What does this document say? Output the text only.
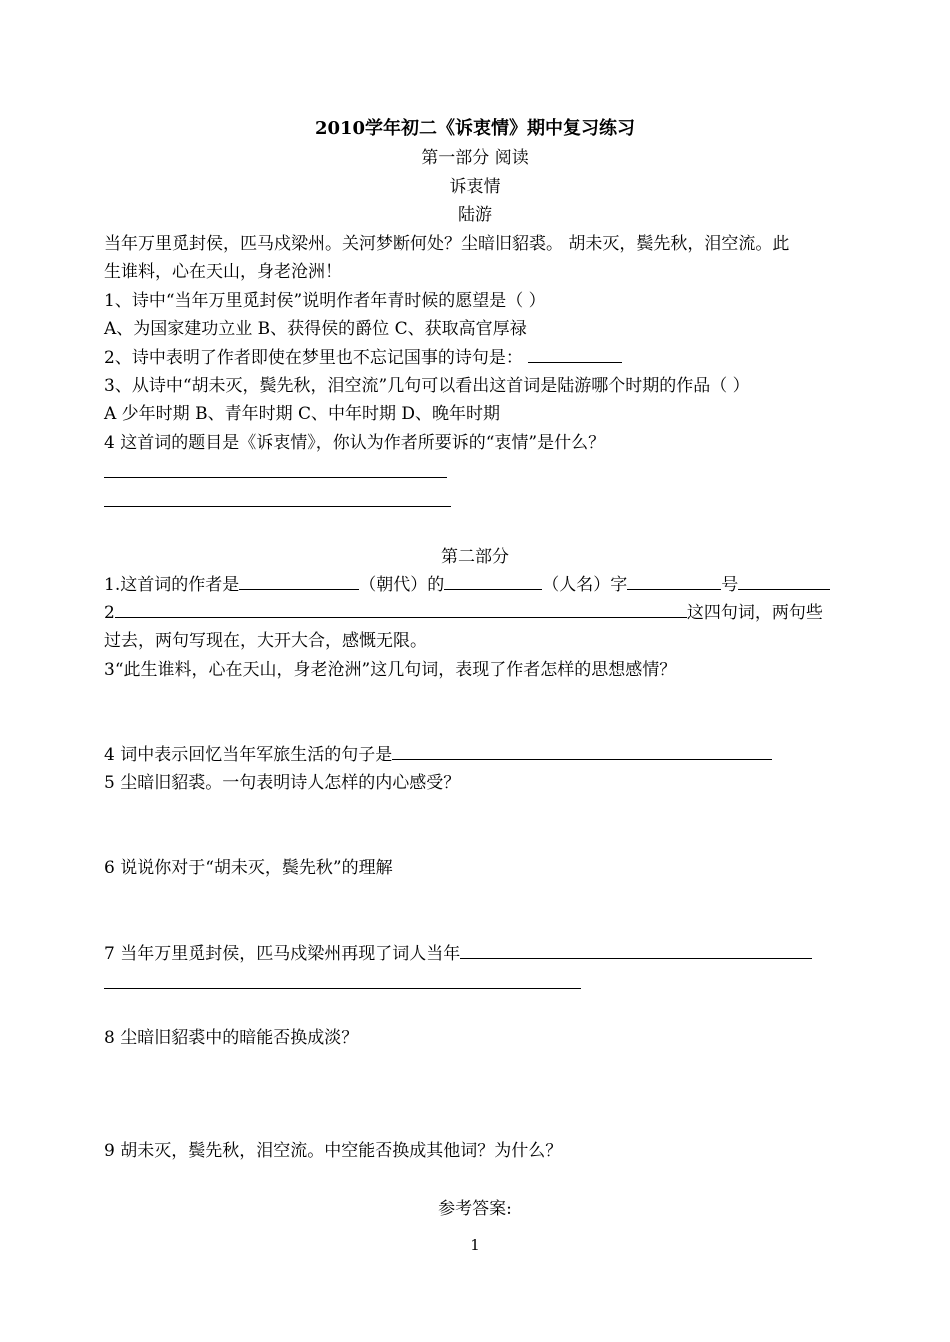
2010学年初二《诉衷情》期中复习练习
第一部分 阅读
诉衷情
陆游
当年万里觅封侯，匹马戍梁州。关河梦断何处？尘暗旧貂裘。 胡未灭，鬓先秋，泪空流。此
生谁料，心在天山，身老沧洲！
1、诗中“当年万里觅封侯”说明作者年青时候的愿望是（ ）
A、为国家建功立业 B、获得侯的爵位 C、获取高官厚禄
2、诗中表明了作者即使在梦里也不忘记国事的诗句是：
3、从诗中“胡未灭，鬓先秋，泪空流”几句可以看出这首词是陆游哪个时期的作品（ ）
A 少年时期 B、青年时期 C、中年时期 D、晚年时期
4 这首词的题目是《诉衷情》，你认为作者所要诉的“衷情”是什么？
第二部分
1.这首词的作者是	（朝代）的	（人名）字	号
2	这四句词，两句些
过去，两句写现在，大开大合，感慨无限。
3“此生谁料，心在天山，身老沧洲”这几句词，表现了作者怎样的思想感情？
4 词中表示回忆当年军旅生活的句子是
5 尘暗旧貂裘。一句表明诗人怎样的内心感受？
6 说说你对于“胡未灭，鬓先秋”的理解
7 当年万里觅封侯，匹马戍梁州再现了词人当年
8 尘暗旧貂裘中的暗能否换成淡？
9 胡未灭，鬓先秋，泪空流。中空能否换成其他词？为什么？
参考答案:
1
